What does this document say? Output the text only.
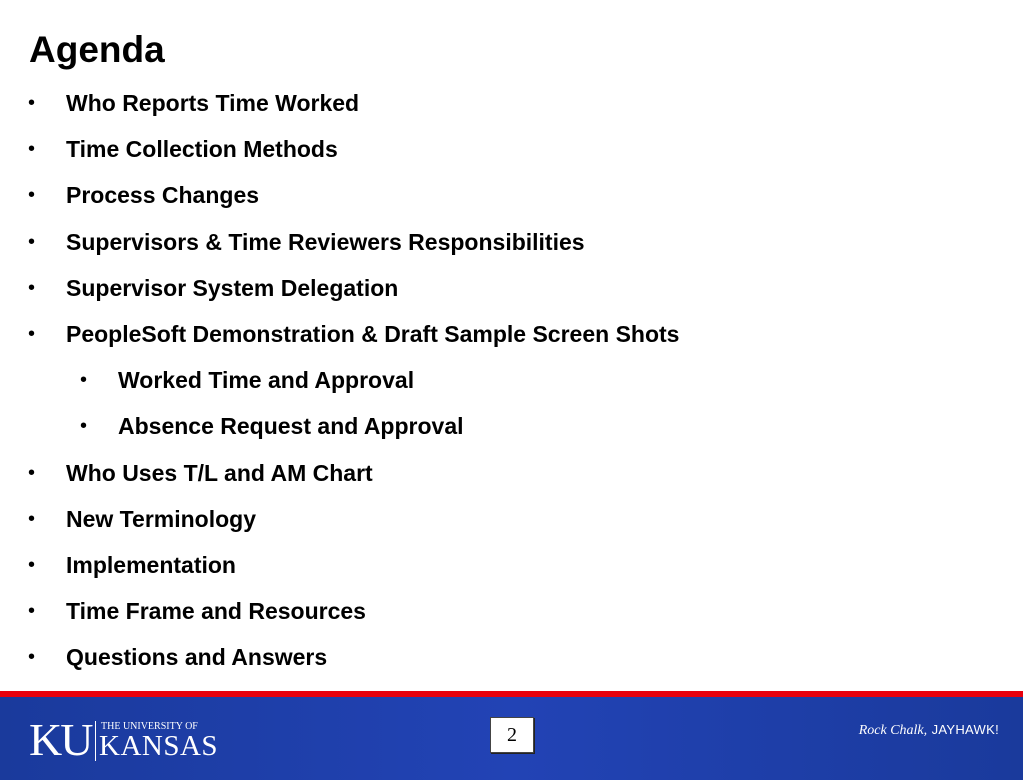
Agenda
• Who Reports Time Worked
• Time Collection Methods
• Process Changes
• Supervisors & Time Reviewers Responsibilities
• Supervisor System Delegation
• PeopleSoft Demonstration & Draft Sample Screen Shots
• Worked Time and Approval
• Absence Request and Approval
• Who Uses T/L and AM Chart
• New Terminology
• Implementation
• Time Frame and Resources
• Questions and Answers
KU THE UNIVERSITY OF
KANSAS	2	Rock Chalk, JAYHAWK!
